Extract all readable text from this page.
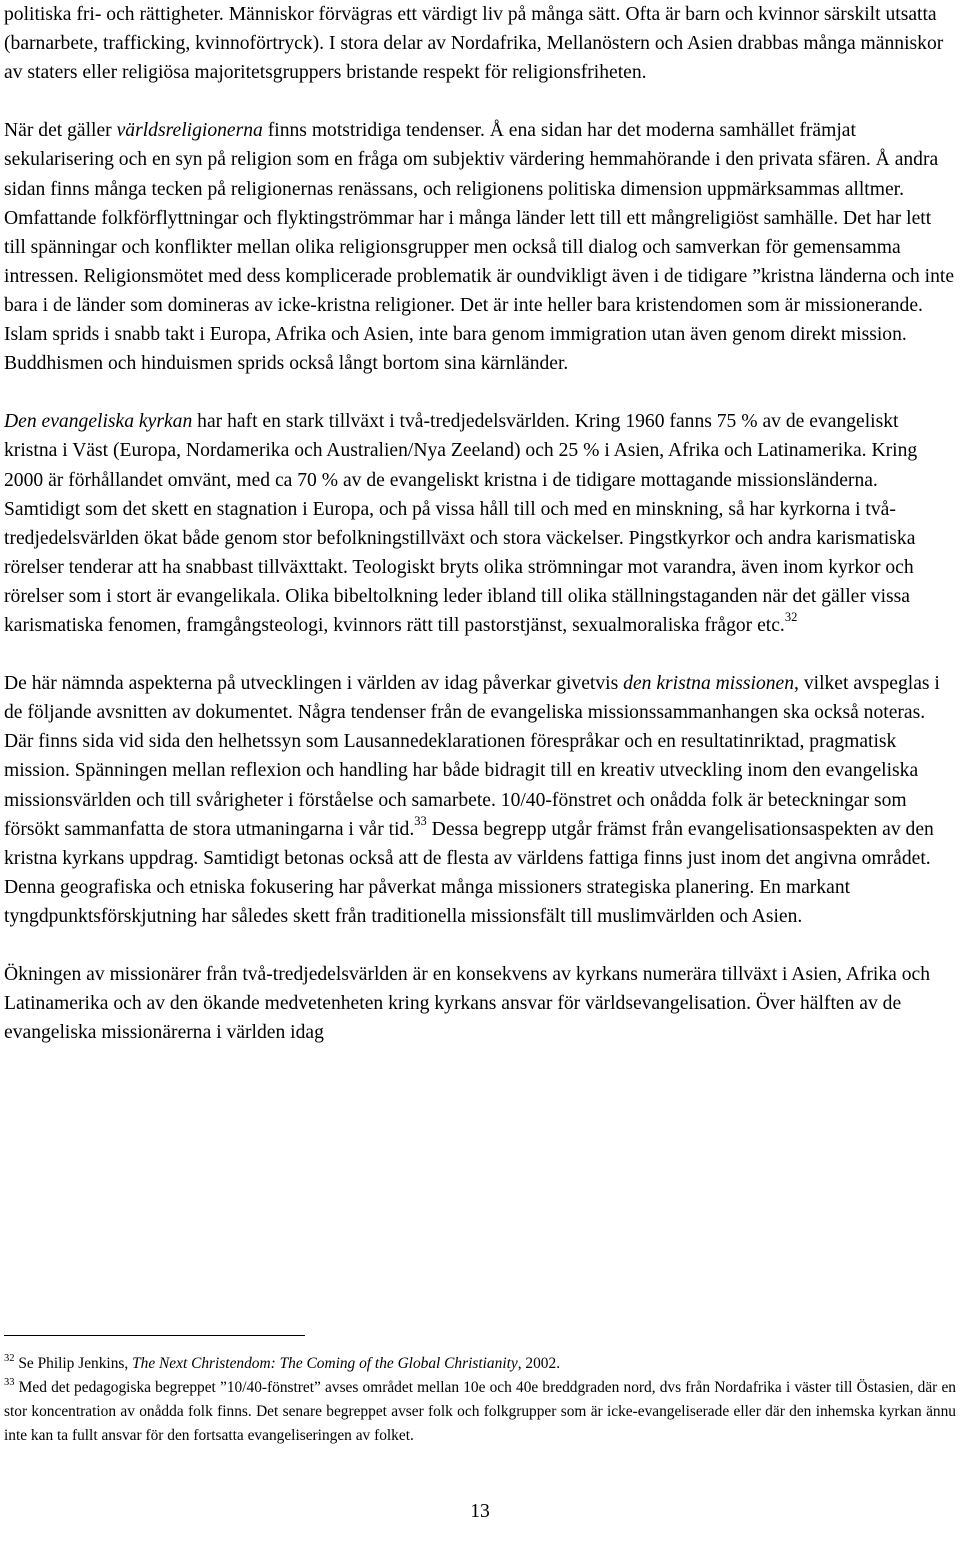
politiska fri- och rättigheter. Människor förvägras ett värdigt liv på många sätt. Ofta är barn och kvinnor särskilt utsatta (barnarbete, trafficking, kvinnoförtryck). I stora delar av Nordafrika, Mellanöstern och Asien drabbas många människor av staters eller religiösa majoritetsgruppers bristande respekt för religionsfriheten.

När det gäller världsreligionerna finns motstridiga tendenser. Å ena sidan har det moderna samhället främjat sekularisering och en syn på religion som en fråga om subjektiv värdering hemmahörande i den privata sfären. Å andra sidan finns många tecken på religionernas renässans, och religionens politiska dimension uppmärksammas alltmer. Omfattande folkförflyttningar och flyktingströmmar har i många länder lett till ett mångreligiöst samhälle. Det har lett till spänningar och konflikter mellan olika religionsgrupper men också till dialog och samverkan för gemensamma intressen. Religionsmötet med dess komplicerade problematik är oundvikligt även i de tidigare ”kristna länderna och inte bara i de länder som domineras av icke-kristna religioner. Det är inte heller bara kristendomen som är missionerande. Islam sprids i snabb takt i Europa, Afrika och Asien, inte bara genom immigration utan även genom direkt mission. Buddhismen och hinduismen sprids också långt bortom sina kärnländer.

Den evangeliska kyrkan har haft en stark tillväxt i två-tredjedelsvärlden. Kring 1960 fanns 75 % av de evangeliskt kristna i Väst (Europa, Nordamerika och Australien/Nya Zeeland) och 25 % i Asien, Afrika och Latinamerika. Kring 2000 är förhållandet omvänt, med ca 70 % av de evangeliskt kristna i de tidigare mottagande missionsländerna. Samtidigt som det skett en stagnation i Europa, och på vissa håll till och med en minskning, så har kyrkorna i två-tredjedelsvärlden ökat både genom stor befolkningstillväxt och stora väckelser. Pingstkyrkor och andra karismatiska rörelser tenderar att ha snabbast tillväxttakt. Teologiskt bryts olika strömningar mot varandra, även inom kyrkor och rörelser som i stort är evangelikala. Olika bibeltolkning leder ibland till olika ställningstaganden när det gäller vissa karismatiska fenomen, framgångsteologi, kvinnors rätt till pastorstjänst, sexualmoraliska frågor etc.$^{32}$

De här nämnda aspekterna på utvecklingen i världen av idag påverkar givetvis den kristna missionen, vilket avspeglas i de följande avsnitten av dokumentet. Några tendenser från de evangeliska missionssammanhangen ska också noteras. Där finns sida vid sida den helhetssyn som Lausannedeklarationen förespråkar och en resultatinriktad, pragmatisk mission. Spänningen mellan reflexion och handling har både bidragit till en kreativ utveckling inom den evangeliska missionsvärlden och till svårigheter i förståelse och samarbete. 10/40-fönstret och onådda folk är beteckningar som försökt sammanfatta de stora utmaningarna i vår tid.$^{33}$ Dessa begrepp utgår främst från evangelisationsaspekten av den kristna kyrkans uppdrag. Samtidigt betonas också att de flesta av världens fattiga finns just inom det angivna området. Denna geografiska och etniska fokusering har påverkat många missioners strategiska planering. En markant tyngdpunktsförskjutning har således skett från traditionella missionsfält till muslimvärlden och Asien.

Ökningen av missionärer från två-tredjedelsvärlden är en konsekvens av kyrkans numerära tillväxt i Asien, Afrika och Latinamerika och av den ökande medvetenheten kring kyrkans ansvar för världsevangelisation. Över hälften av de evangeliska missionärerna i världen idag

$^{32}$ Se Philip Jenkins, The Next Christendom: The Coming of the Global Christianity, 2002.

$^{33}$ Med det pedagogiska begreppet ”10/40-fönstret” avses området mellan 10e och 40e breddgraden nord, dvs från Nordafrika i väster till Östasien, där en stor koncentration av onådda folk finns. Det senare begreppet avser folk och folkgrupper som är icke-evangeliserade eller där den inhemska kyrkan ännu inte kan ta fullt ansvar för den fortsatta evangeliseringen av folket.

13
